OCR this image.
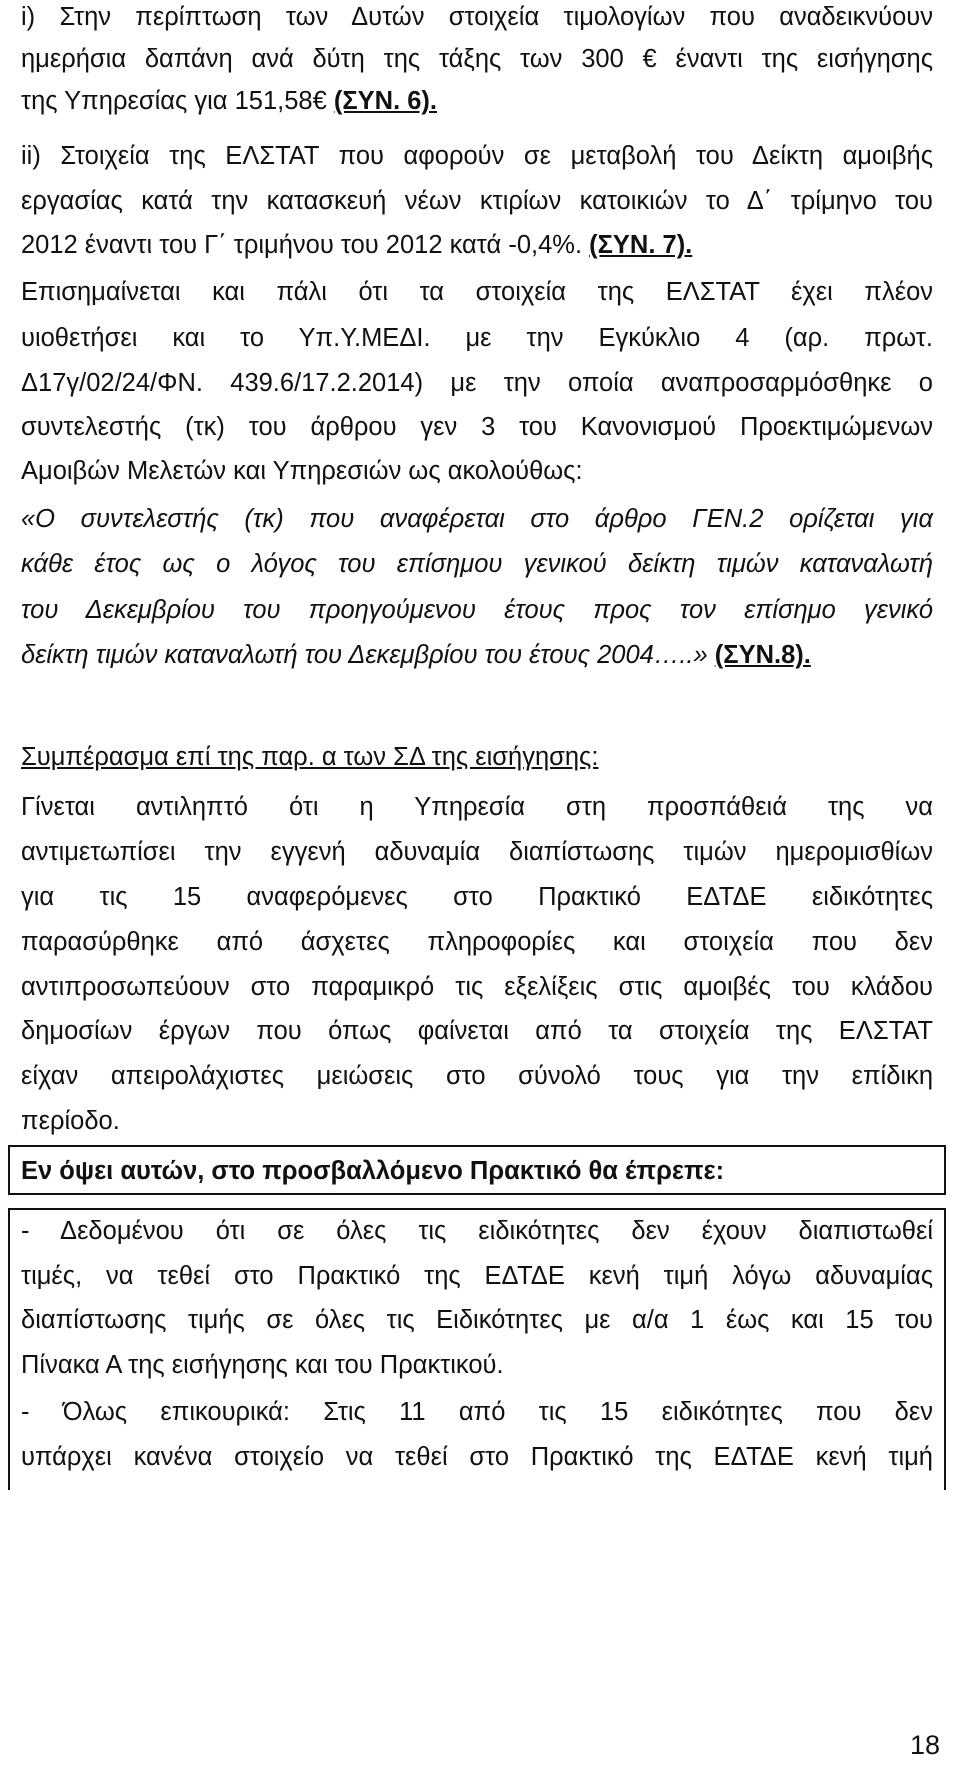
i) Στην περίπτωση των Δυτών στοιχεία τιμολογίων που αναδεικνύουν
ημερήσια δαπάνη ανά δύτη της τάξης των 300 € έναντι της εισήγησης
της Υπηρεσίας για 151,58€ (ΣΥΝ. 6).
ii) Στοιχεία της ΕΛΣΤΑΤ που αφορούν σε μεταβολή του Δείκτη αμοιβής
εργασίας κατά την κατασκευή νέων κτιρίων κατοικιών το Δ΄ τρίμηνο του
2012 έναντι του Γ΄ τριμήνου του 2012 κατά -0,4%. (ΣΥΝ. 7).
Επισημαίνεται και πάλι ότι τα στοιχεία της ΕΛΣΤΑΤ έχει πλέον
υιοθετήσει και το Υπ.Υ.ΜΕΔΙ. με την Εγκύκλιο 4 (αρ. πρωτ.
Δ17γ/02/24/ΦΝ. 439.6/17.2.2014) με την οποία αναπροσαρμόσθηκε ο
συντελεστής (τκ) του άρθρου γεν 3 του Κανονισμού Προεκτιμώμενων
Αμοιβών Μελετών και Υπηρεσιών ως ακολούθως:
«Ο συντελεστής (τκ) που αναφέρεται στο άρθρο ΓΕΝ.2 ορίζεται για
κάθε έτος ως ο λόγος του επίσημου γενικού δείκτη τιμών καταναλωτή
του Δεκεμβρίου του προηγούμενου έτους προς τον επίσημο γενικό
δείκτη τιμών καταναλωτή του Δεκεμβρίου του έτους 2004…..» (ΣΥΝ.8).
Συμπέρασμα επί της παρ. α των ΣΔ της εισήγησης:
Γίνεται αντιληπτό ότι η Υπηρεσία στη προσπάθειά της να
αντιμετωπίσει την εγγενή αδυναμία διαπίστωσης τιμών ημερομισθίων
για τις 15 αναφερόμενες στο Πρακτικό ΕΔΤΔΕ ειδικότητες
παρασύρθηκε από άσχετες πληροφορίες και στοιχεία που δεν
αντιπροσωπεύουν στο παραμικρό τις εξελίξεις στις αμοιβές του κλάδου
δημοσίων έργων που όπως φαίνεται από τα στοιχεία της ΕΛΣΤΑΤ
είχαν απειρολάχιστες μειώσεις στο σύνολό τους για την επίδικη
περίοδο.
Εν όψει αυτών, στο προσβαλλόμενο Πρακτικό θα έπρεπε:
- Δεδομένου ότι σε όλες τις ειδικότητες δεν έχουν διαπιστωθεί
τιμές, να τεθεί στο Πρακτικό της ΕΔΤΔΕ κενή τιμή λόγω αδυναμίας
διαπίστωσης τιμής σε όλες τις Ειδικότητες με α/α 1 έως και 15 του
Πίνακα Α της εισήγησης και του Πρακτικού.
- Όλως επικουρικά: Στις 11 από τις 15 ειδικότητες που δεν
υπάρχει κανένα στοιχείο να τεθεί στο Πρακτικό της ΕΔΤΔΕ κενή τιμή
18
